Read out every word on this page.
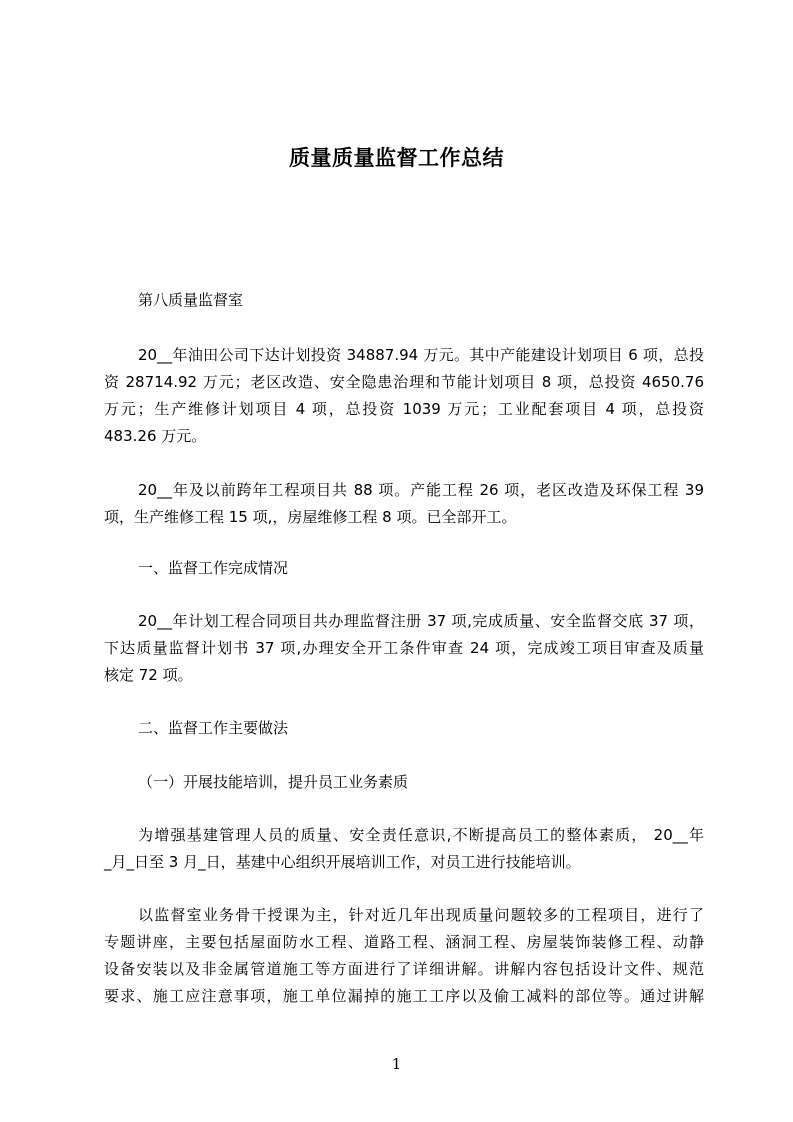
质量质量监督工作总结
第八质量监督室
20__年油田公司下达计划投资 34887.94 万元。其中产能建设计划项目 6 项，总投
资 28714.92 万元；老区改造、安全隐患治理和节能计划项目 8 项，总投资 4650.76
万元；生产维修计划项目 4 项，总投资 1039 万元；工业配套项目 4 项，总投资
483.26 万元。
20__年及以前跨年工程项目共 88 项。产能工程 26 项，老区改造及环保工程 39
项，生产维修工程 15 项,，房屋维修工程 8 项。已全部开工。
一、监督工作完成情况
20__年计划工程合同项目共办理监督注册 37 项,完成质量、安全监督交底 37 项，
下达质量监督计划书 37 项,办理安全开工条件审查 24 项，完成竣工项目审查及质量
核定 72 项。
二、监督工作主要做法
（一）开展技能培训，提升员工业务素质
为增强基建管理人员的质量、安全责任意识,不断提高员工的整体素质， 20__年
_月_日至 3 月_日，基建中心组织开展培训工作，对员工进行技能培训。
以监督室业务骨干授课为主，针对近几年出现质量问题较多的工程项目，进行了
专题讲座，主要包括屋面防水工程、道路工程、涵洞工程、房屋装饰装修工程、动静
设备安装以及非金属管道施工等方面进行了详细讲解。讲解内容包括设计文件、规范
要求、施工应注意事项，施工单位漏掉的施工工序以及偷工减料的部位等。通过讲解
1
